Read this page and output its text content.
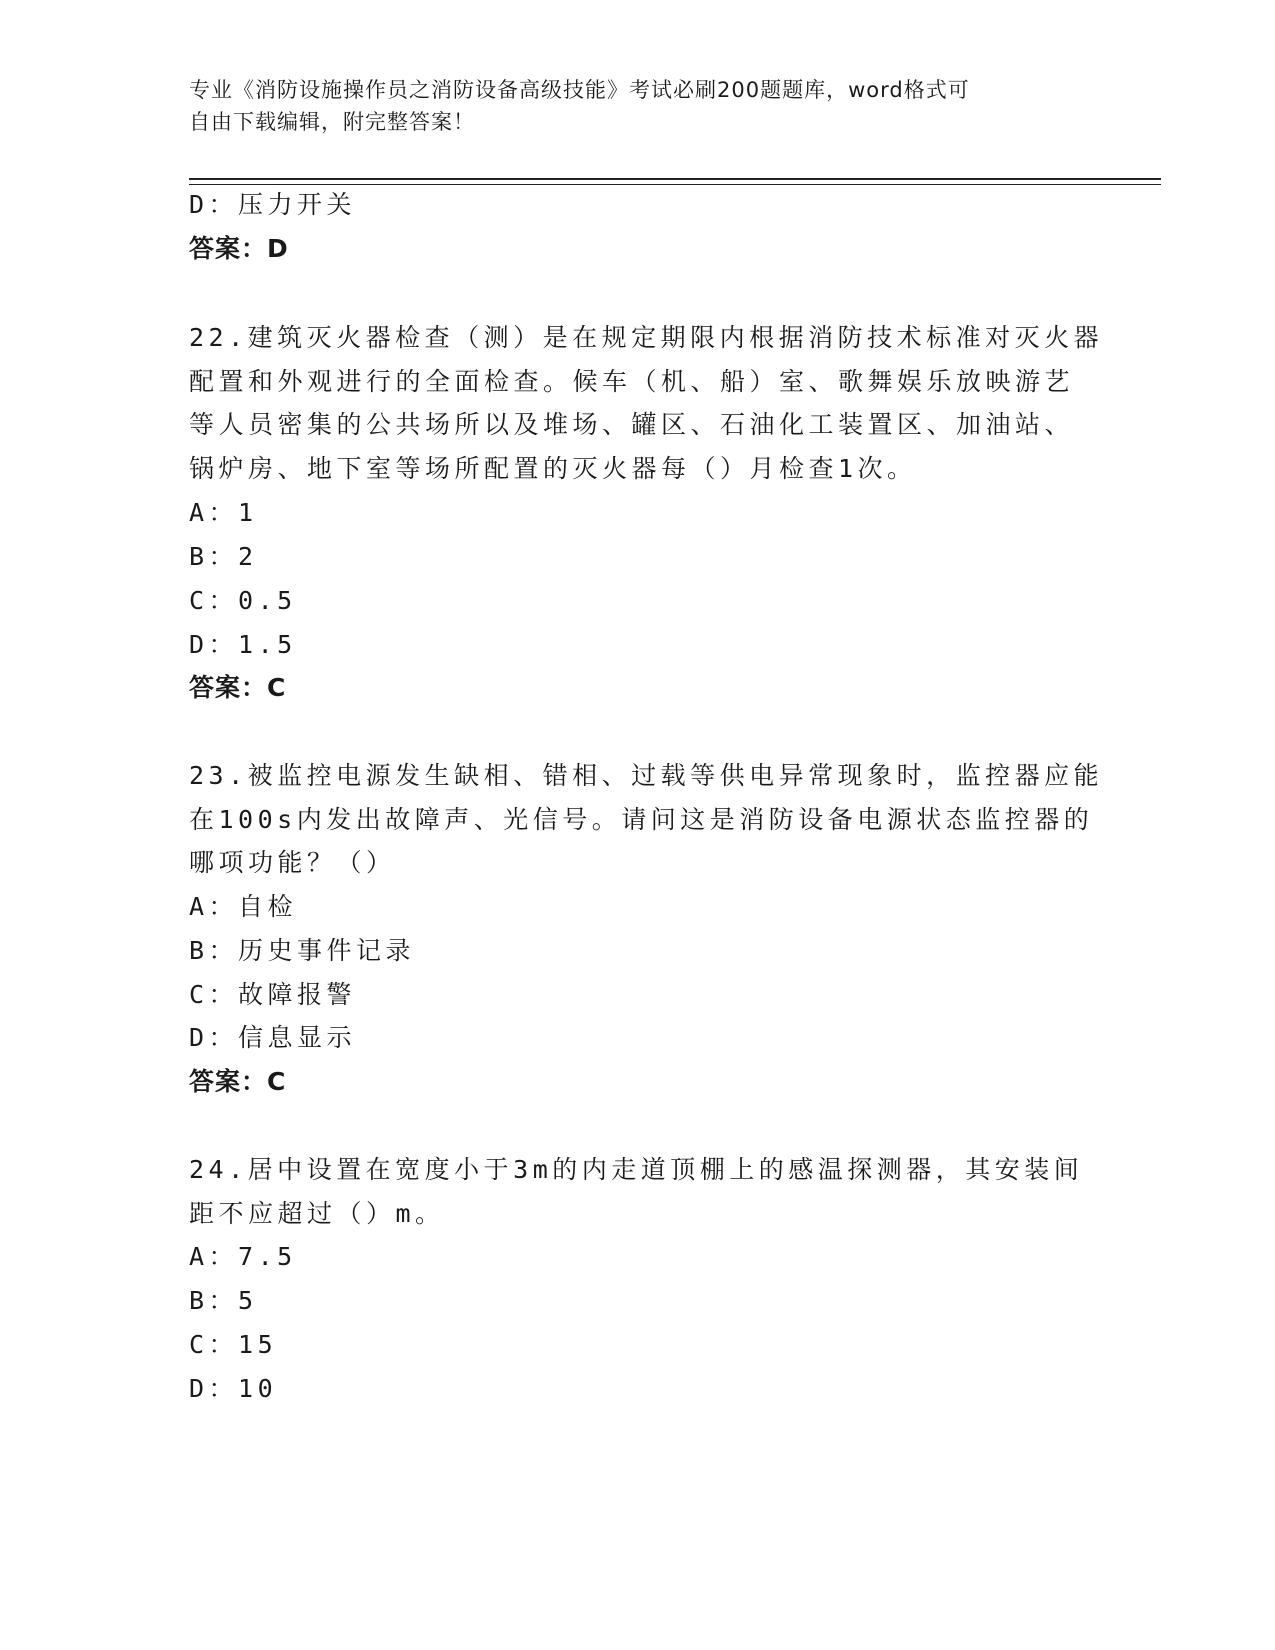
专业《消防设施操作员之消防设备高级技能》考试必刷200题题库，word格式可
自由下载编辑，附完整答案！
D：压力开关
答案：D
22.建筑灭火器检查（测）是在规定期限内根据消防技术标准对灭火器
配置和外观进行的全面检查。候车（机、船）室、歌舞娱乐放映游艺
等人员密集的公共场所以及堆场、罐区、石油化工装置区、加油站、
锅炉房、地下室等场所配置的灭火器每（）月检查1次。
A：1
B：2
C：0.5
D：1.5
答案：C
23.被监控电源发生缺相、错相、过载等供电异常现象时，监控器应能
在100s内发出故障声、光信号。请问这是消防设备电源状态监控器的
哪项功能？（）
A：自检
B：历史事件记录
C：故障报警
D：信息显示
答案：C
24.居中设置在宽度小于3m的内走道顶棚上的感温探测器，其安装间
距不应超过（）m。
A：7.5
B：5
C：15
D：10
